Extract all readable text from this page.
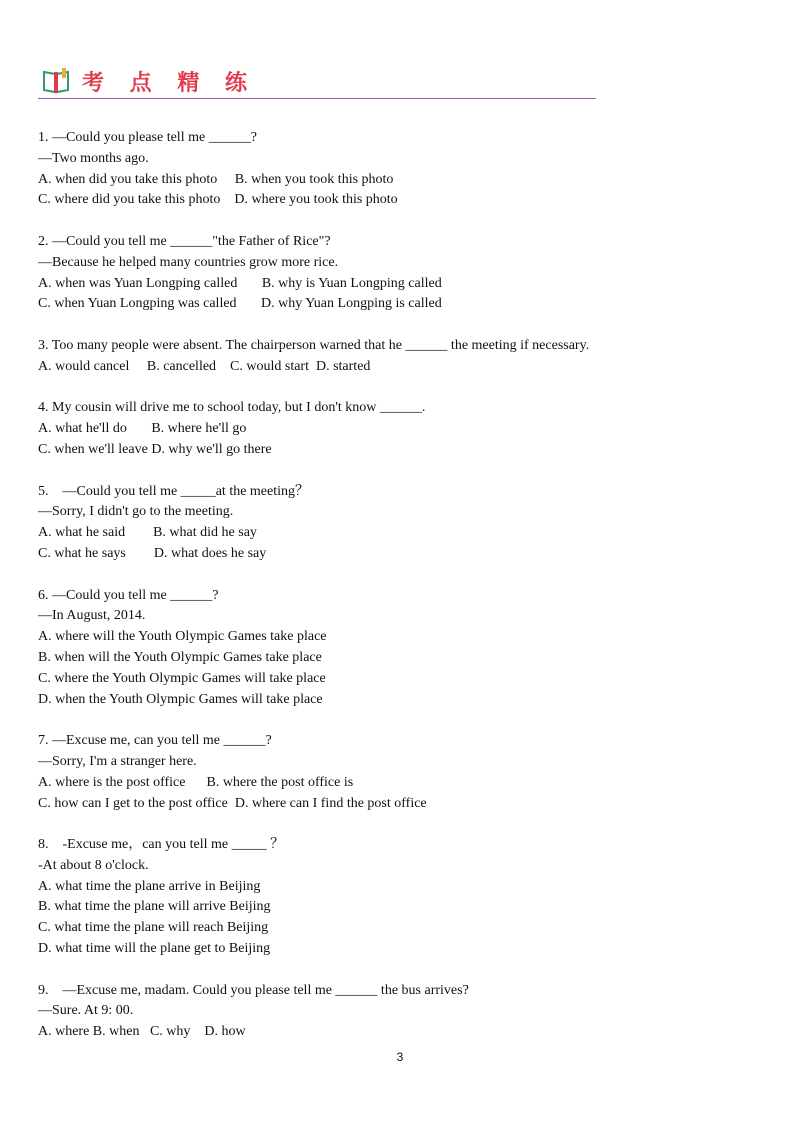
考 点 精 练
1. —Could you please tell me ______?
—Two months ago.
A. when did you take this photo     B. when you took this photo
C. where did you take this photo    D. where you took this photo
2. —Could you tell me ______"the Father of Rice"?
—Because he helped many countries grow more rice.
A. when was Yuan Longping called       B. why is Yuan Longping called
C. when Yuan Longping was called       D. why Yuan Longping is called
3. Too many people were absent. The chairperson warned that he ______ the meeting if necessary.
A. would cancel     B. cancelled    C. would start  D. started
4. My cousin will drive me to school today, but I don't know ______.
A. what he'll do       B. where he'll go
C. when we'll leave D. why we'll go there
5.    —Could you tell me _____at the meeting？
—Sorry, I didn't go to the meeting.
A. what he said        B. what did he say
C. what he says        D. what does he say
6. —Could you tell me ______?
—In August, 2014.
A. where will the Youth Olympic Games take place
B. when will the Youth Olympic Games take place
C. where the Youth Olympic Games will take place
D. when the Youth Olympic Games will take place
7. —Excuse me, can you tell me ______?
—Sorry, I'm a stranger here.
A. where is the post office      B. where the post office is
C. how can I get to the post office  D. where can I find the post office
8.    -Excuse me，can you tell me _____ ？
-At about 8 o'clock.
A. what time the plane arrive in Beijing
B. what time the plane will arrive Beijing
C. what time the plane will reach Beijing
D. what time will the plane get to Beijing
9.    —Excuse me, madam. Could you please tell me ______ the bus arrives?
—Sure. At 9: 00.
A. where B. when   C. why    D. how
3
